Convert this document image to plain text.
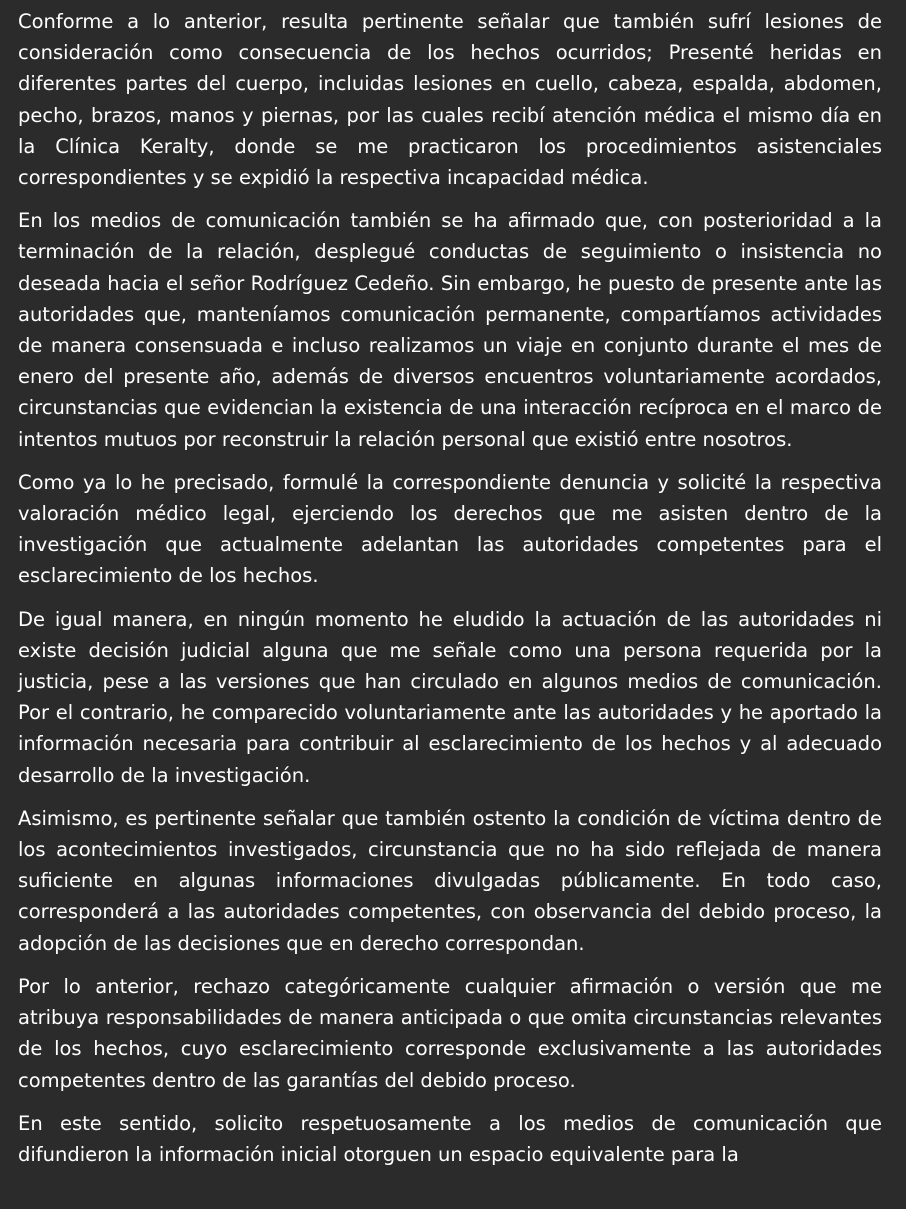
Conforme a lo anterior, resulta pertinente señalar que también sufrí lesiones de consideración como consecuencia de los hechos ocurridos; Presenté heridas en diferentes partes del cuerpo, incluidas lesiones en cuello, cabeza, espalda, abdomen, pecho, brazos, manos y piernas, por las cuales recibí atención médica el mismo día en la Clínica Keralty, donde se me practicaron los procedimientos asistenciales correspondientes y se expidió la respectiva incapacidad médica.

En los medios de comunicación también se ha afirmado que, con posterioridad a la terminación de la relación, desplegué conductas de seguimiento o insistencia no deseada hacia el señor Rodríguez Cedeño. Sin embargo, he puesto de presente ante las autoridades que, manteníamos comunicación permanente, compartíamos actividades de manera consensuada e incluso realizamos un viaje en conjunto durante el mes de enero del presente año, además de diversos encuentros voluntariamente acordados, circunstancias que evidencian la existencia de una interacción recíproca en el marco de intentos mutuos por reconstruir la relación personal que existió entre nosotros.

Como ya lo he precisado, formulé la correspondiente denuncia y solicité la respectiva valoración médico legal, ejerciendo los derechos que me asisten dentro de la investigación que actualmente adelantan las autoridades competentes para el esclarecimiento de los hechos.

De igual manera, en ningún momento he eludido la actuación de las autoridades ni existe decisión judicial alguna que me señale como una persona requerida por la justicia, pese a las versiones que han circulado en algunos medios de comunicación. Por el contrario, he comparecido voluntariamente ante las autoridades y he aportado la información necesaria para contribuir al esclarecimiento de los hechos y al adecuado desarrollo de la investigación.

Asimismo, es pertinente señalar que también ostento la condición de víctima dentro de los acontecimientos investigados, circunstancia que no ha sido reflejada de manera suficiente en algunas informaciones divulgadas públicamente. En todo caso, corresponderá a las autoridades competentes, con observancia del debido proceso, la adopción de las decisiones que en derecho correspondan.

Por lo anterior, rechazo categóricamente cualquier afirmación o versión que me atribuya responsabilidades de manera anticipada o que omita circunstancias relevantes de los hechos, cuyo esclarecimiento corresponde exclusivamente a las autoridades competentes dentro de las garantías del debido proceso.

En este sentido, solicito respetuosamente a los medios de comunicación que difundieron la información inicial otorguen un espacio equivalente para la
